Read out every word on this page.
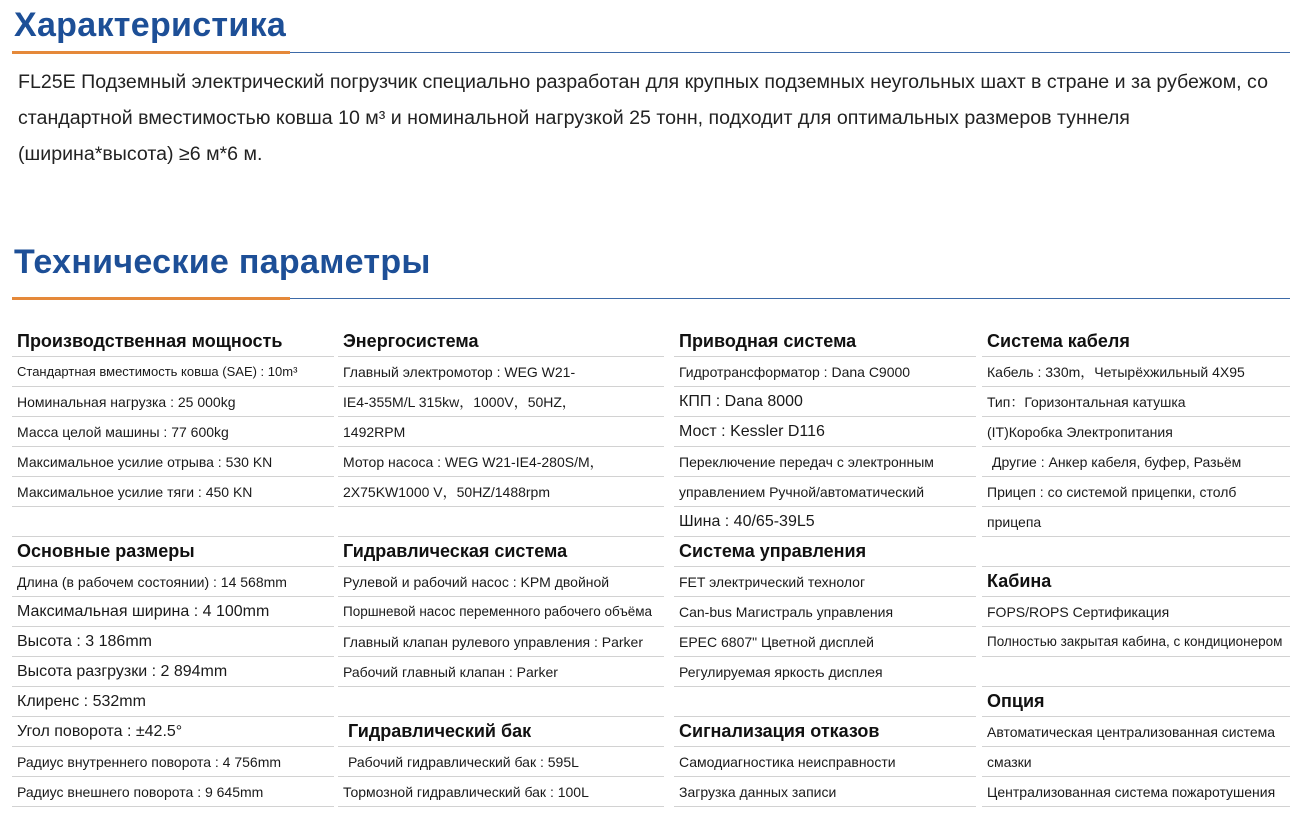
Характеристика

FL25E Подземный электрический погрузчик специально разработан для крупных подземных неугольных шахт в стране и за рубежом, со стандартной вместимостью ковша 10 м³ и номинальной нагрузкой 25 тонн, подходит для оптимальных размеров туннеля (ширина*высота) ≥6 м*6 м.

Технические параметры
Производственная мощность
Стандартная вместимость ковша (SAE) : 10m³
Номинальная нагрузка : 25 000kg
Масса целой машины : 77 600kg
Максимальное усилие отрыва : 530 KN
Максимальное усилие тяги : 450 KN
Основные размеры
Длина (в рабочем состоянии) : 14 568mm
Максимальная ширина : 4 100mm
Высота : 3 186mm
Высота разгрузки : 2 894mm
Клиренс : 532mm
Угол поворота : ±42.5°
Радиус внутреннего поворота : 4 756mm
Радиус внешнего поворота : 9 645mm
Энергосистема
Главный электромотор : WEG W21-
IE4-355M/L 315kw，1000V，50HZ，
1492RPM
Мотор насоса : WEG W21-IE4-280S/M，
2X75KW1000 V，50HZ/1488rpm
Гидравлическая система
Рулевой и рабочий насос : KPM двойной
Поршневой насос переменного рабочего объёма
Главный клапан рулевого управления : Parker
Рабочий главный клапан : Parker
Гидравлический бак
Рабочий гидравлический бак : 595L
Тормозной гидравлический бак : 100L
Приводная система
Гидротрансформатор : Dana C9000
КПП : Dana 8000
Мост : Kessler D116
Переключение передач с электронным
управлением Ручной/автоматический
Шина : 40/65-39L5
Система управления
FET электрический технолог
Can-bus Магистраль управления
EPEC 6807" Цветной дисплей
Регулируемая яркость дисплея
Сигнализация отказов
Самодиагностика неисправности
Загрузка данных записи
Система кабеля
Кабель : 330m，Четырёхжильный 4X95
Тип：Горизонтальная катушка
(IT)Коробка Электропитания
Другие : Анкер кабеля, буфер, Разьём
Прицеп : со системой прицепки, столб
прицепа
Кабина
FOPS/ROPS Сертификация
Полностью закрытая кабина, с кондиционером
Опция
Автоматическая централизованная система
смазки
Централизованная система пожаротушения
